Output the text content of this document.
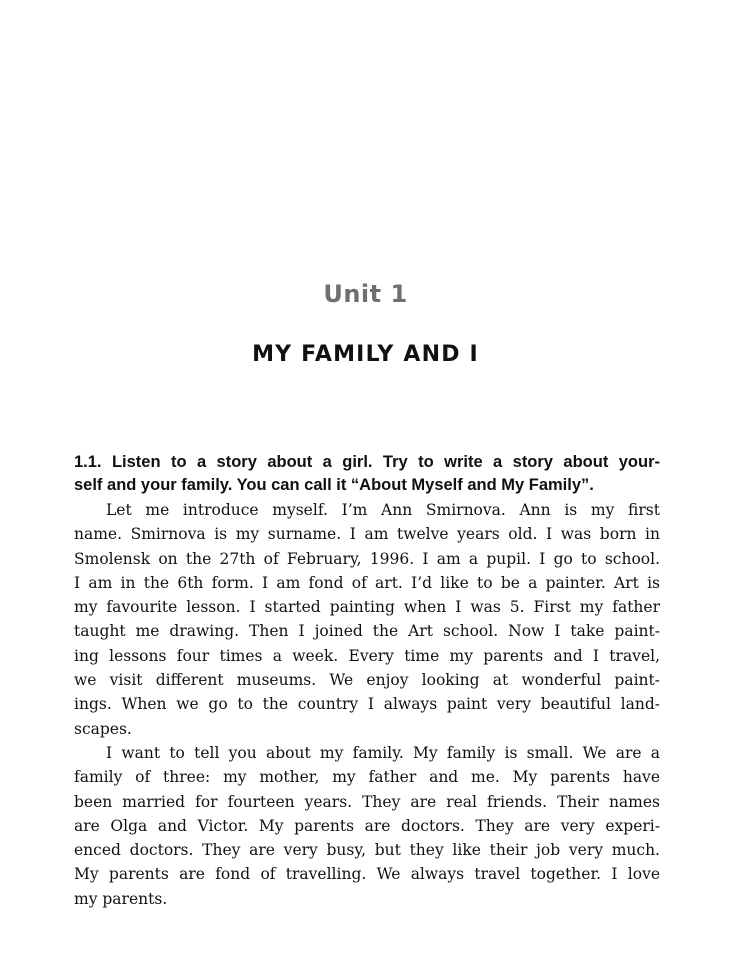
Unit 1
MY FAMILY AND I
1.1. Listen to a story about a girl. Try to write a story about your-
self and your family. You can call it “About Myself and My Family”.
Let me introduce myself. I’m Ann Smirnova. Ann is my first
name. Smirnova is my surname. I am twelve years old. I was born in
Smolensk on the 27th of February, 1996. I am a pupil. I go to school.
I am in the 6th form. I am fond of art. I’d like to be a painter. Art is
my favourite lesson. I started painting when I was 5. First my father
taught me drawing. Then I joined the Art school. Now I take paint-
ing lessons four times a week. Every time my parents and I travel,
we visit different museums. We enjoy looking at wonderful paint-
ings. When we go to the country I always paint very beautiful land-
scapes.
I want to tell you about my family. My family is small. We are a
family of three: my mother, my father and me. My parents have
been married for fourteen years. They are real friends. Their names
are Olga and Victor. My parents are doctors. They are very experi-
enced doctors. They are very busy, but they like their job very much.
My parents are fond of travelling. We always travel together. I love
my parents.
